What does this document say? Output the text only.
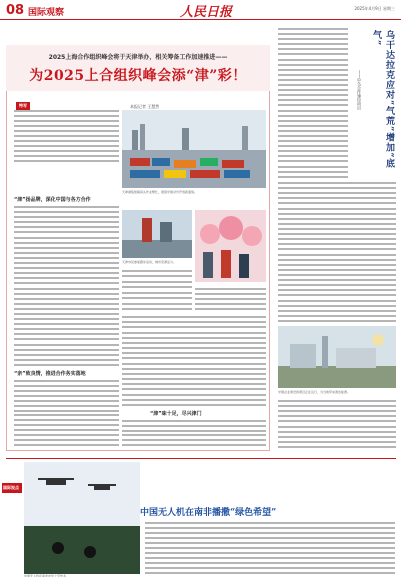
08 国际观察	人民日报	2025年4月9日 星期三
2025上海合作组织峰会将于天津举办，相关筹备工作加速推进——
为2025上合组织峰会添“津”彩！
本报记者 王慧然
特写
天津港集装箱码头作业繁忙，展现中国对外开放新面貌。
“津”扬品牌，深化中国与各方合作
“亲”致良情，推进合作务实落地
天津市民参加跑步活动，城市充满活力。
“津”味十足，尽兴津门
乌干达拉克应对“气荒”增加“底气”
——中乌合作建设项目
中国企业建设的项目正在运行，为当地带来清洁能源。
国际视点
中国无人机在南非农田上空作业。
中国无人机在南非播撒“绿色希望”
